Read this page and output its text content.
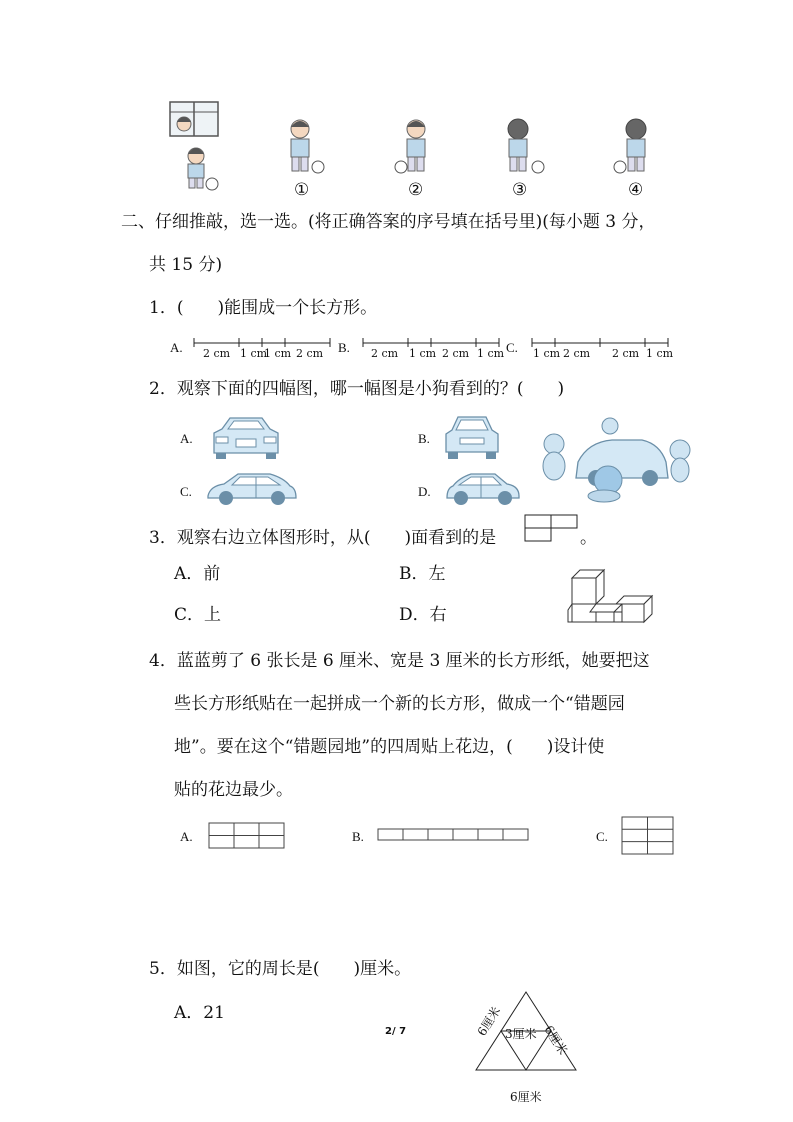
①	②	③	④
二、仔细推敲，选一选。(将正确答案的序号填在括号里)(每小题 3 分，
共 15 分)
1．(　　)能围成一个长方形。
A. 2 cm 1 cm
1 cm 2 cm B. 2 cm 1 cm 2 cm 1 cm C. 1 cm 2 cm 2 cm 1 cm
2．观察下面的四幅图，哪一幅图是小狗看到的？(　　)
A.	B.
C.	D.
3．观察右边立体图形时，从(　　)面看到的是	。
A．前	B．左
C．上	D．右
4．蓝蓝剪了 6 张长是 6 厘米、宽是 3 厘米的长方形纸，她要把这
些长方形纸贴在一起拼成一个新的长方形，做成一个“错题园
地”。要在这个“错题园地”的四周贴上花边，(　　)设计使
贴的花边最少。
A.	B.	C.
5．如图，它的周长是(　　)厘米。
A．21	6厘米 3厘米 6厘米
6厘米
2/ 7
